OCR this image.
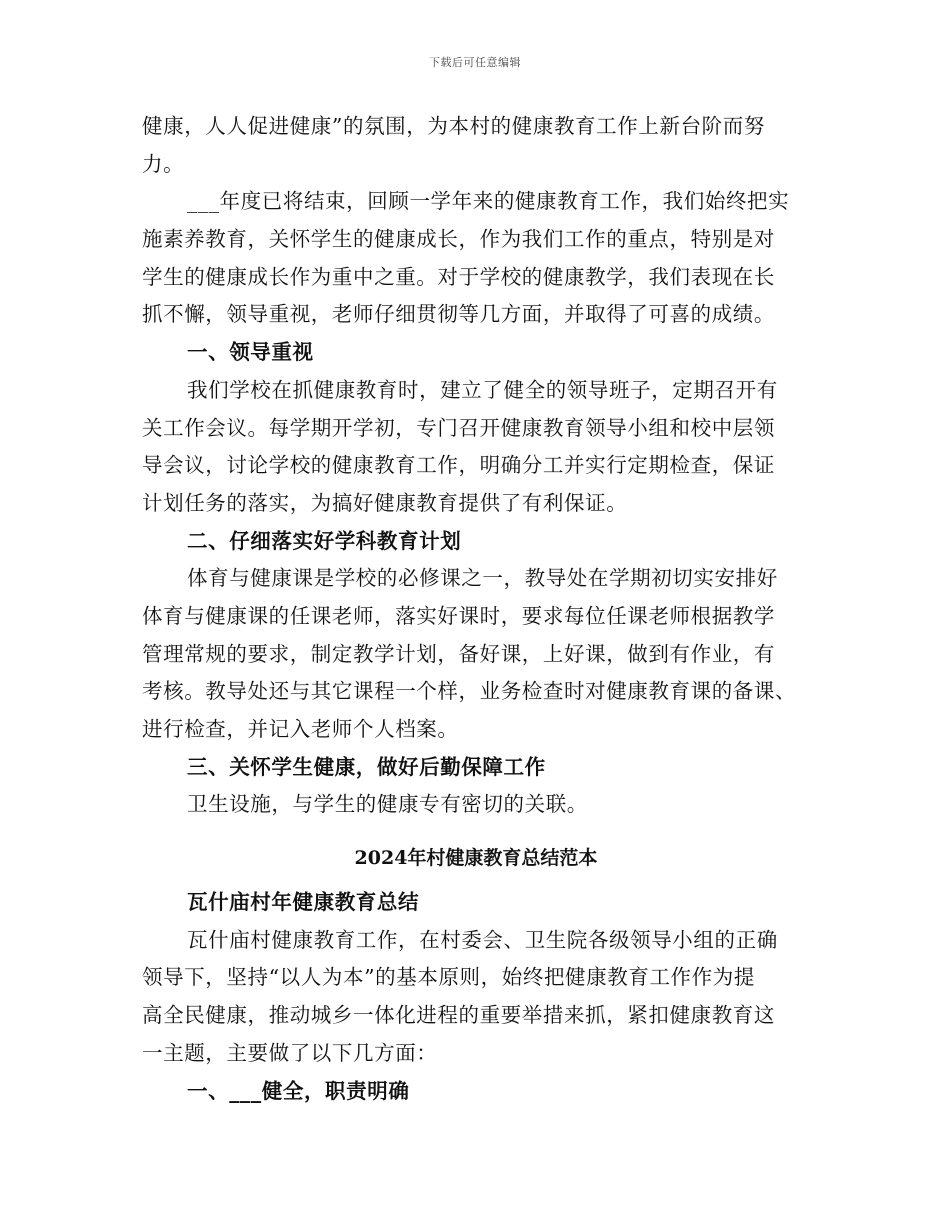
下载后可任意编辑
健康，人人促进健康”的氛围，为本村的健康教育工作上新台阶而努
力。
___年度已将结束，回顾一学年来的健康教育工作，我们始终把实
施素养教育，关怀学生的健康成长，作为我们工作的重点，特别是对
学生的健康成长作为重中之重。对于学校的健康教学，我们表现在长
抓不懈，领导重视，老师仔细贯彻等几方面，并取得了可喜的成绩。
一、领导重视
我们学校在抓健康教育时，建立了健全的领导班子，定期召开有
关工作会议。每学期开学初，专门召开健康教育领导小组和校中层领
导会议，讨论学校的健康教育工作，明确分工并实行定期检查，保证
计划任务的落实，为搞好健康教育提供了有利保证。
二、仔细落实好学科教育计划
体育与健康课是学校的必修课之一，教导处在学期初切实安排好
体育与健康课的任课老师，落实好课时，要求每位任课老师根据教学
管理常规的要求，制定教学计划，备好课，上好课，做到有作业，有
考核。教导处还与其它课程一个样，业务检查时对健康教育课的备课、
进行检查，并记入老师个人档案。
三、关怀学生健康，做好后勤保障工作
卫生设施，与学生的健康专有密切的关联。
2024年村健康教育总结范本
瓦什庙村年健康教育总结
瓦什庙村健康教育工作，在村委会、卫生院各级领导小组的正确
领导下，坚持“以人为本”的基本原则，始终把健康教育工作作为提
高全民健康，推动城乡一体化进程的重要举措来抓，紧扣健康教育这
一主题，主要做了以下几方面：
一、___健全，职责明确
